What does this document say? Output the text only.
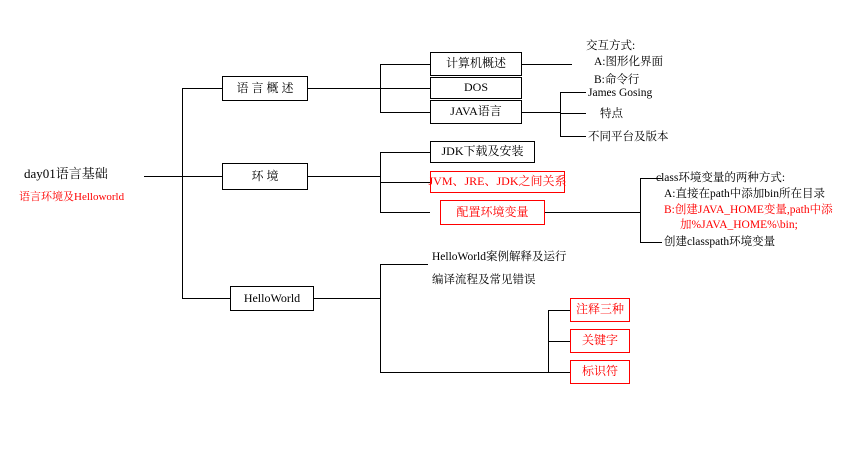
day01语言基础
语言环境及Helloworld
语 言 概 述
计算机概述
DOS
JAVA语言
交互方式:
A:图形化界面
B:命令行
James Gosing
特点
不同平台及版本
环 境
JDK下载及安装
JVM、JRE、JDK之间关系
配置环境变量
class环境变量的两种方式:
A:直接在path中添加bin所在目录
B:创建JAVA_HOME变量,path中添
加%JAVA_HOME%\bin;
创建classpath环境变量
HelloWorld
HelloWorld案例解释及运行
编译流程及常见错误
注释三种
关键字
标识符
